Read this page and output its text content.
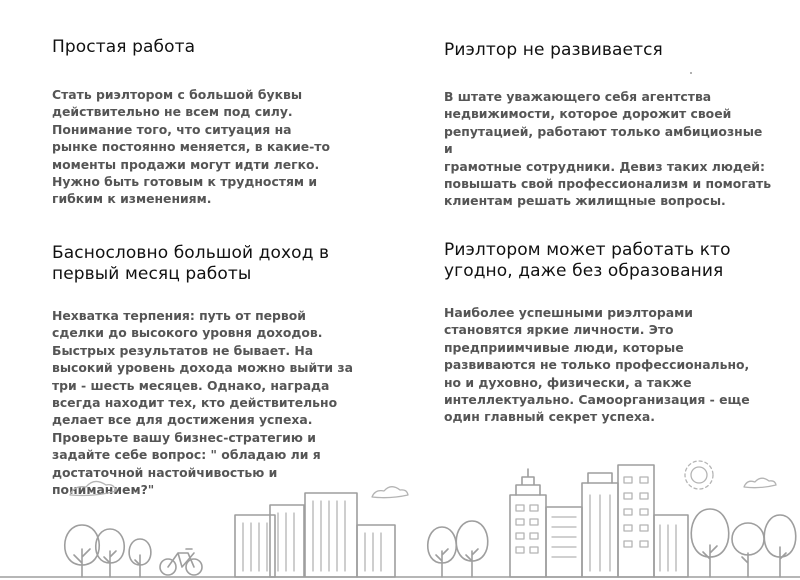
Простая работа

Стать риэлтором с большой буквы
действительно не всем под силу.
Понимание того, что ситуация на
рынке постоянно меняется, в какие-то
моменты продажи могут идти легко.
Нужно быть готовым к трудностям и
гибким к изменениям.

Риэлтор не развивается

В штате уважающего себя агентства
недвижимости, которое дорожит своей
репутацией, работают только амбициозные и
грамотные сотрудники. Девиз таких людей:
повышать свой профессионализм и помогать
клиентам решать жилищные вопросы.

Баснословно большой доход в
первый месяц работы

Нехватка терпения: путь от первой
сделки до высокого уровня доходов.
Быстрых результатов не бывает. На
высокий уровень дохода можно выйти за
три - шесть месяцев. Однако, награда
всегда находит тех, кто действительно
делает все для достижения успеха.
Проверьте вашу бизнес-стратегию и
задайте себе вопрос: " обладаю ли я
достаточной настойчивостью и
пониманием?"

Риэлтором может работать кто
угодно, даже без образования

Наиболее успешными риэлторами
становятся яркие личности. Это
предприимчивые люди, которые
развиваются не только профессионально,
но и духовно, физически, а также
интеллектуально. Самоорганизация - еще
один главный секрет успеха.
